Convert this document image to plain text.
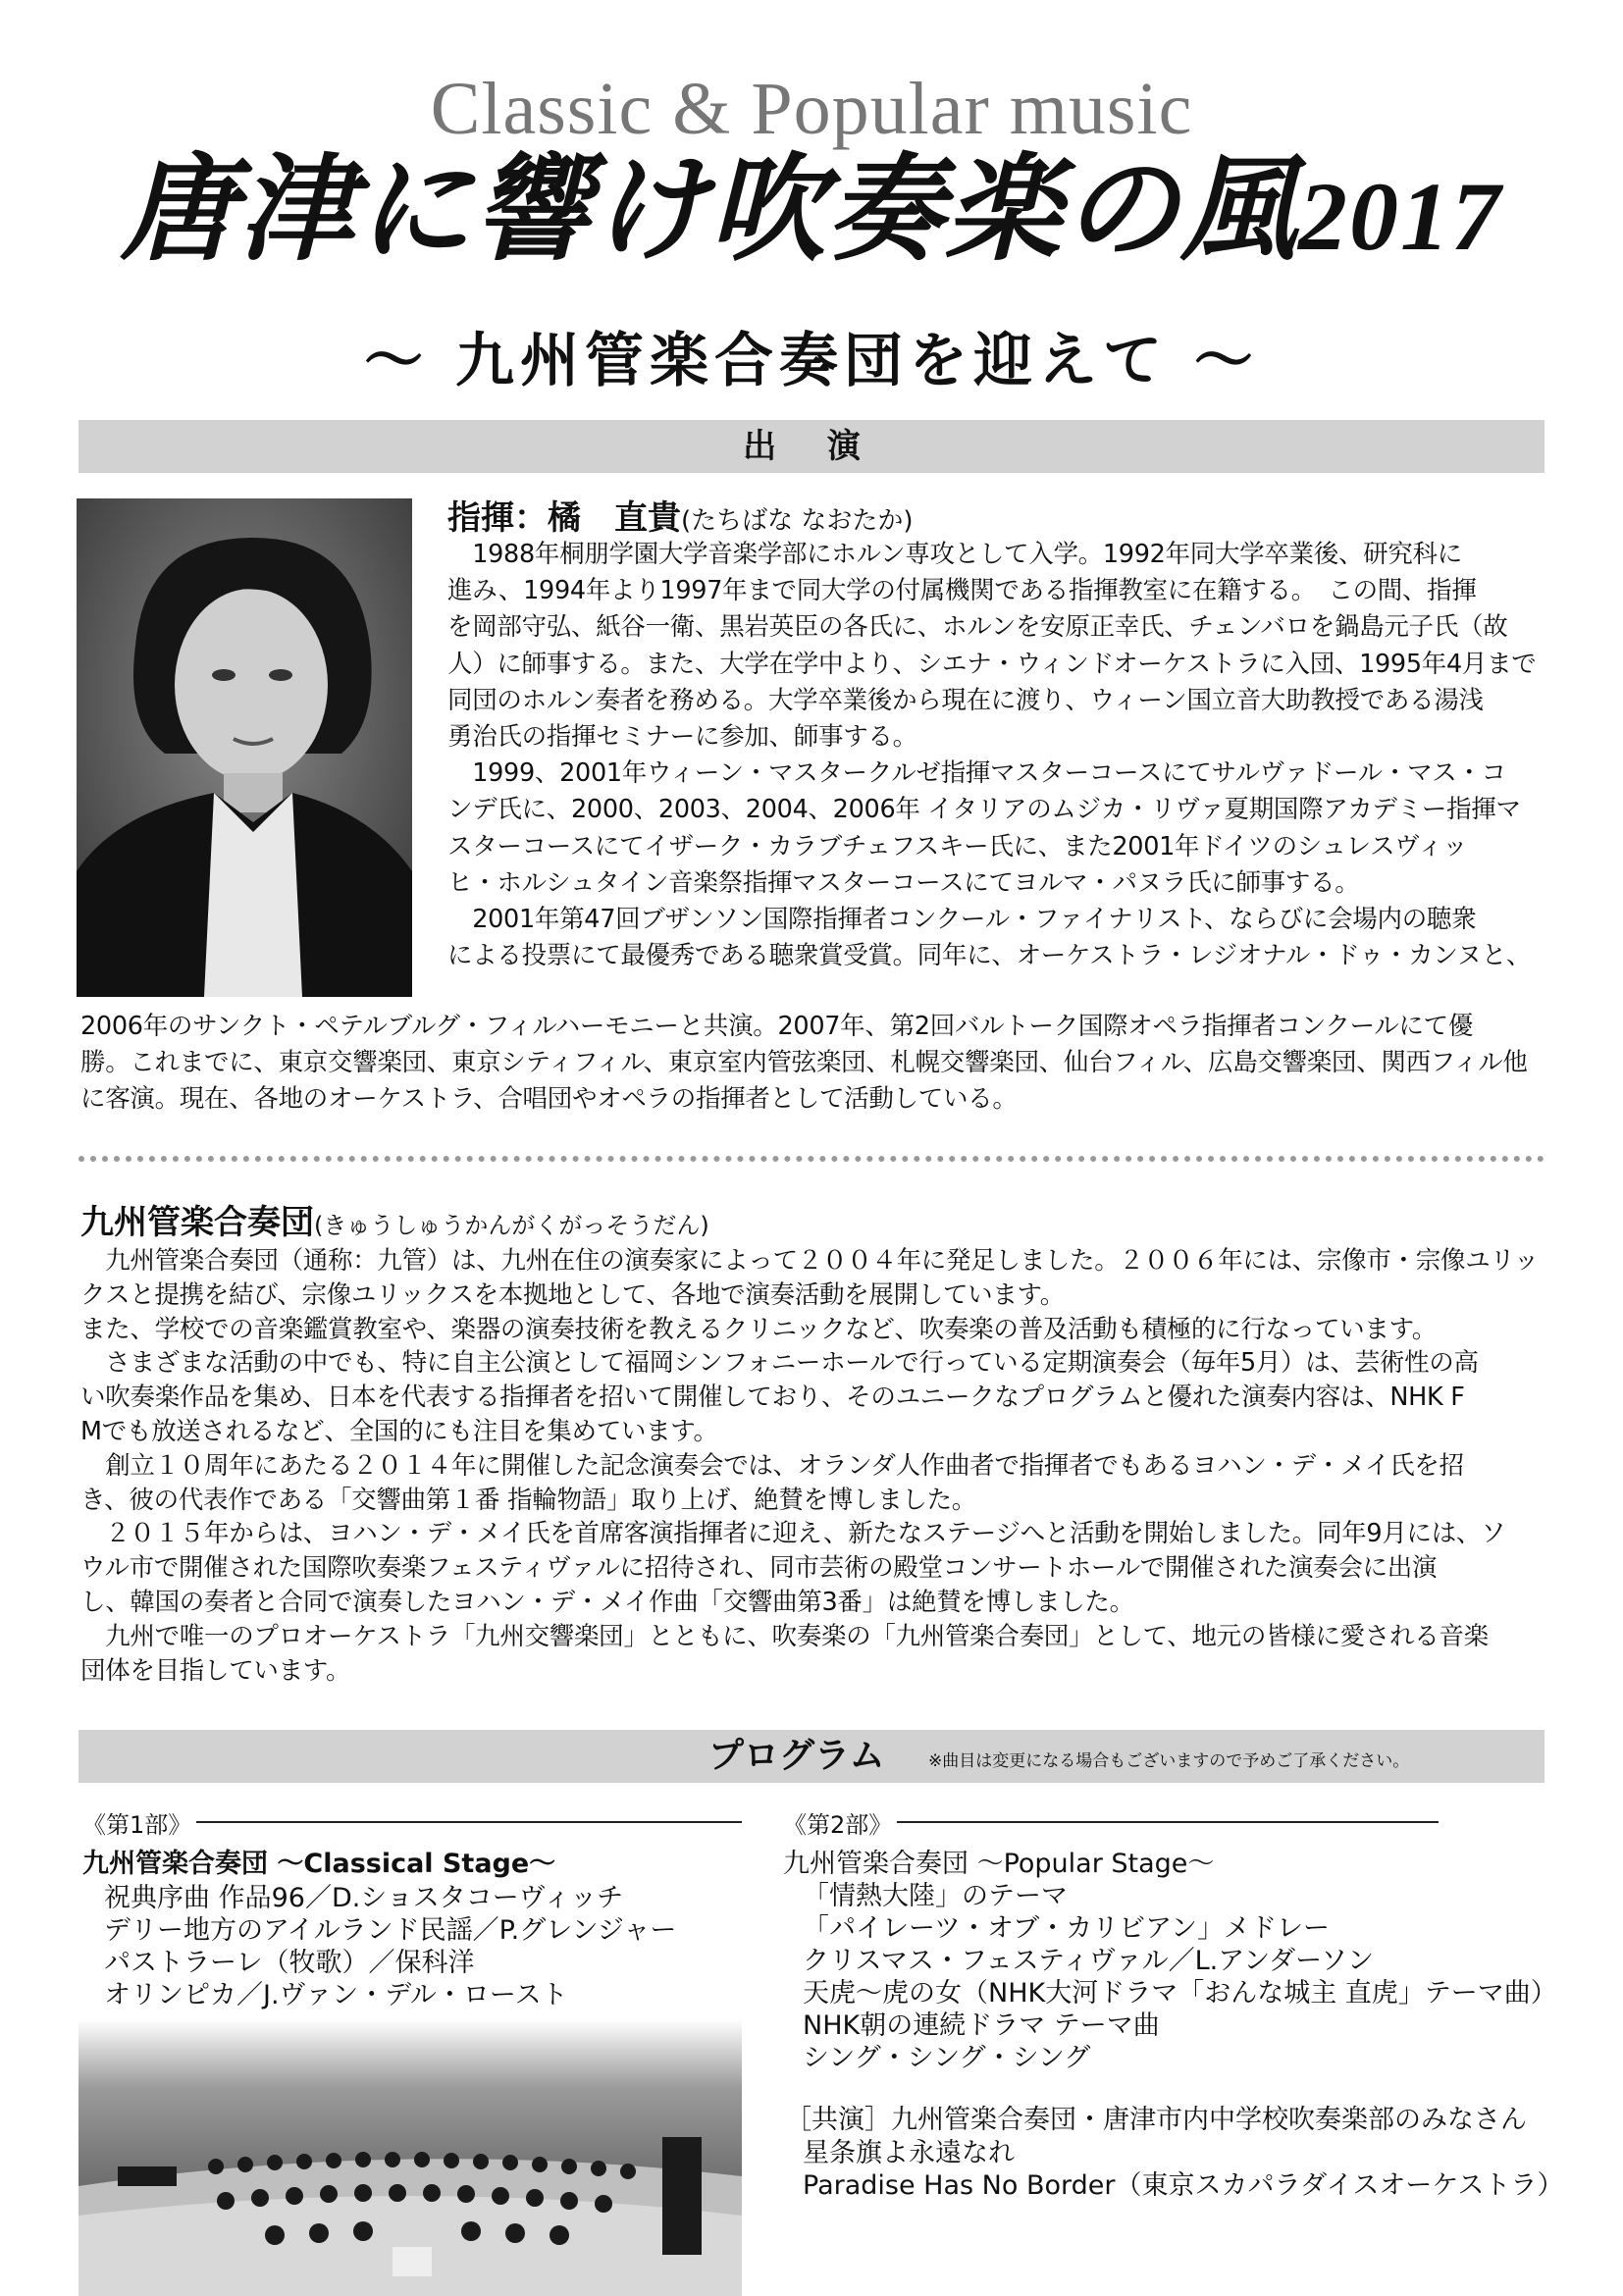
Classic & Popular music
唐津に響け吹奏楽の風2017
～ 九州管楽合奏団を迎えて ～
出 演
指揮：橘　直貴(たちばな なおたか)
　1988年桐朋学園大学音楽学部にホルン専攻として入学。1992年同大学卒業後、研究科に
進み、1994年より1997年まで同大学の付属機関である指揮教室に在籍する。　この間、指揮
を岡部守弘、紙谷一衛、黒岩英臣の各氏に、ホルンを安原正幸氏、チェンバロを鍋島元子氏（故
人）に師事する。また、大学在学中より、シエナ・ウィンドオーケストラに入団、1995年4月まで
同団のホルン奏者を務める。大学卒業後から現在に渡り、ウィーン国立音大助教授である湯浅
勇治氏の指揮セミナーに参加、師事する。
　1999、2001年ウィーン・マスタークルゼ指揮マスターコースにてサルヴァドール・マス・コ
ンデ氏に、2000、2003、2004、2006年 イタリアのムジカ・リヴァ夏期国際アカデミー指揮マ
スターコースにてイザーク・カラブチェフスキー氏に、また2001年ドイツのシュレスヴィッ
ヒ・ホルシュタイン音楽祭指揮マスターコースにてヨルマ・パヌラ氏に師事する。
　2001年第47回ブザンソン国際指揮者コンクール・ファイナリスト、ならびに会場内の聴衆
による投票にて最優秀である聴衆賞受賞。同年に、オーケストラ・レジオナル・ドゥ・カンヌと、
2006年のサンクト・ペテルブルグ・フィルハーモニーと共演。2007年、第2回バルトーク国際オペラ指揮者コンクールにて優
勝。これまでに、東京交響楽団、東京シティフィル、東京室内管弦楽団、札幌交響楽団、仙台フィル、広島交響楽団、関西フィル他
に客演。現在、各地のオーケストラ、合唱団やオペラの指揮者として活動している。
九州管楽合奏団(きゅうしゅうかんがくがっそうだん)
　九州管楽合奏団（通称：九管）は、九州在住の演奏家によって２００４年に発足しました。２００６年には、宗像市・宗像ユリッ
クスと提携を結び、宗像ユリックスを本拠地として、各地で演奏活動を展開しています。
また、学校での音楽鑑賞教室や、楽器の演奏技術を教えるクリニックなど、吹奏楽の普及活動も積極的に行なっています。
　さまざまな活動の中でも、特に自主公演として福岡シンフォニーホールで行っている定期演奏会（毎年5月）は、芸術性の高
い吹奏楽作品を集め、日本を代表する指揮者を招いて開催しており、そのユニークなプログラムと優れた演奏内容は、NHK F
Mでも放送されるなど、全国的にも注目を集めています。
　創立１０周年にあたる２０１４年に開催した記念演奏会では、オランダ人作曲者で指揮者でもあるヨハン・デ・メイ氏を招
き、彼の代表作である「交響曲第１番 指輪物語」取り上げ、絶賛を博しました。
　２０１５年からは、ヨハン・デ・メイ氏を首席客演指揮者に迎え、新たなステージへと活動を開始しました。同年9月には、ソ
ウル市で開催された国際吹奏楽フェスティヴァルに招待され、同市芸術の殿堂コンサートホールで開催された演奏会に出演
し、韓国の奏者と合同で演奏したヨハン・デ・メイ作曲「交響曲第3番」は絶賛を博しました。
　九州で唯一のプロオーケストラ「九州交響楽団」とともに、吹奏楽の「九州管楽合奏団」として、地元の皆様に愛される音楽
団体を目指しています。
プログラム	※曲目は変更になる場合もございますので予めご了承ください。
《第1部》
九州管楽合奏団 ～Classical Stage～
祝典序曲 作品96／D.ショスタコーヴィッチ
デリー地方のアイルランド民謡／P.グレンジャー
パストラーレ（牧歌）／保科洋
オリンピカ／J.ヴァン・デル・ロースト
《第2部》
九州管楽合奏団 ～Popular Stage～
「情熱大陸」のテーマ
「パイレーツ・オブ・カリビアン」メドレー
クリスマス・フェスティヴァル／L.アンダーソン
天虎～虎の女（NHK大河ドラマ「おんな城主 直虎」テーマ曲）
NHK朝の連続ドラマ テーマ曲
シング・シング・シング
［共演］九州管楽合奏団・唐津市内中学校吹奏楽部のみなさん
星条旗よ永遠なれ
Paradise Has No Border（東京スカパラダイスオーケストラ）
